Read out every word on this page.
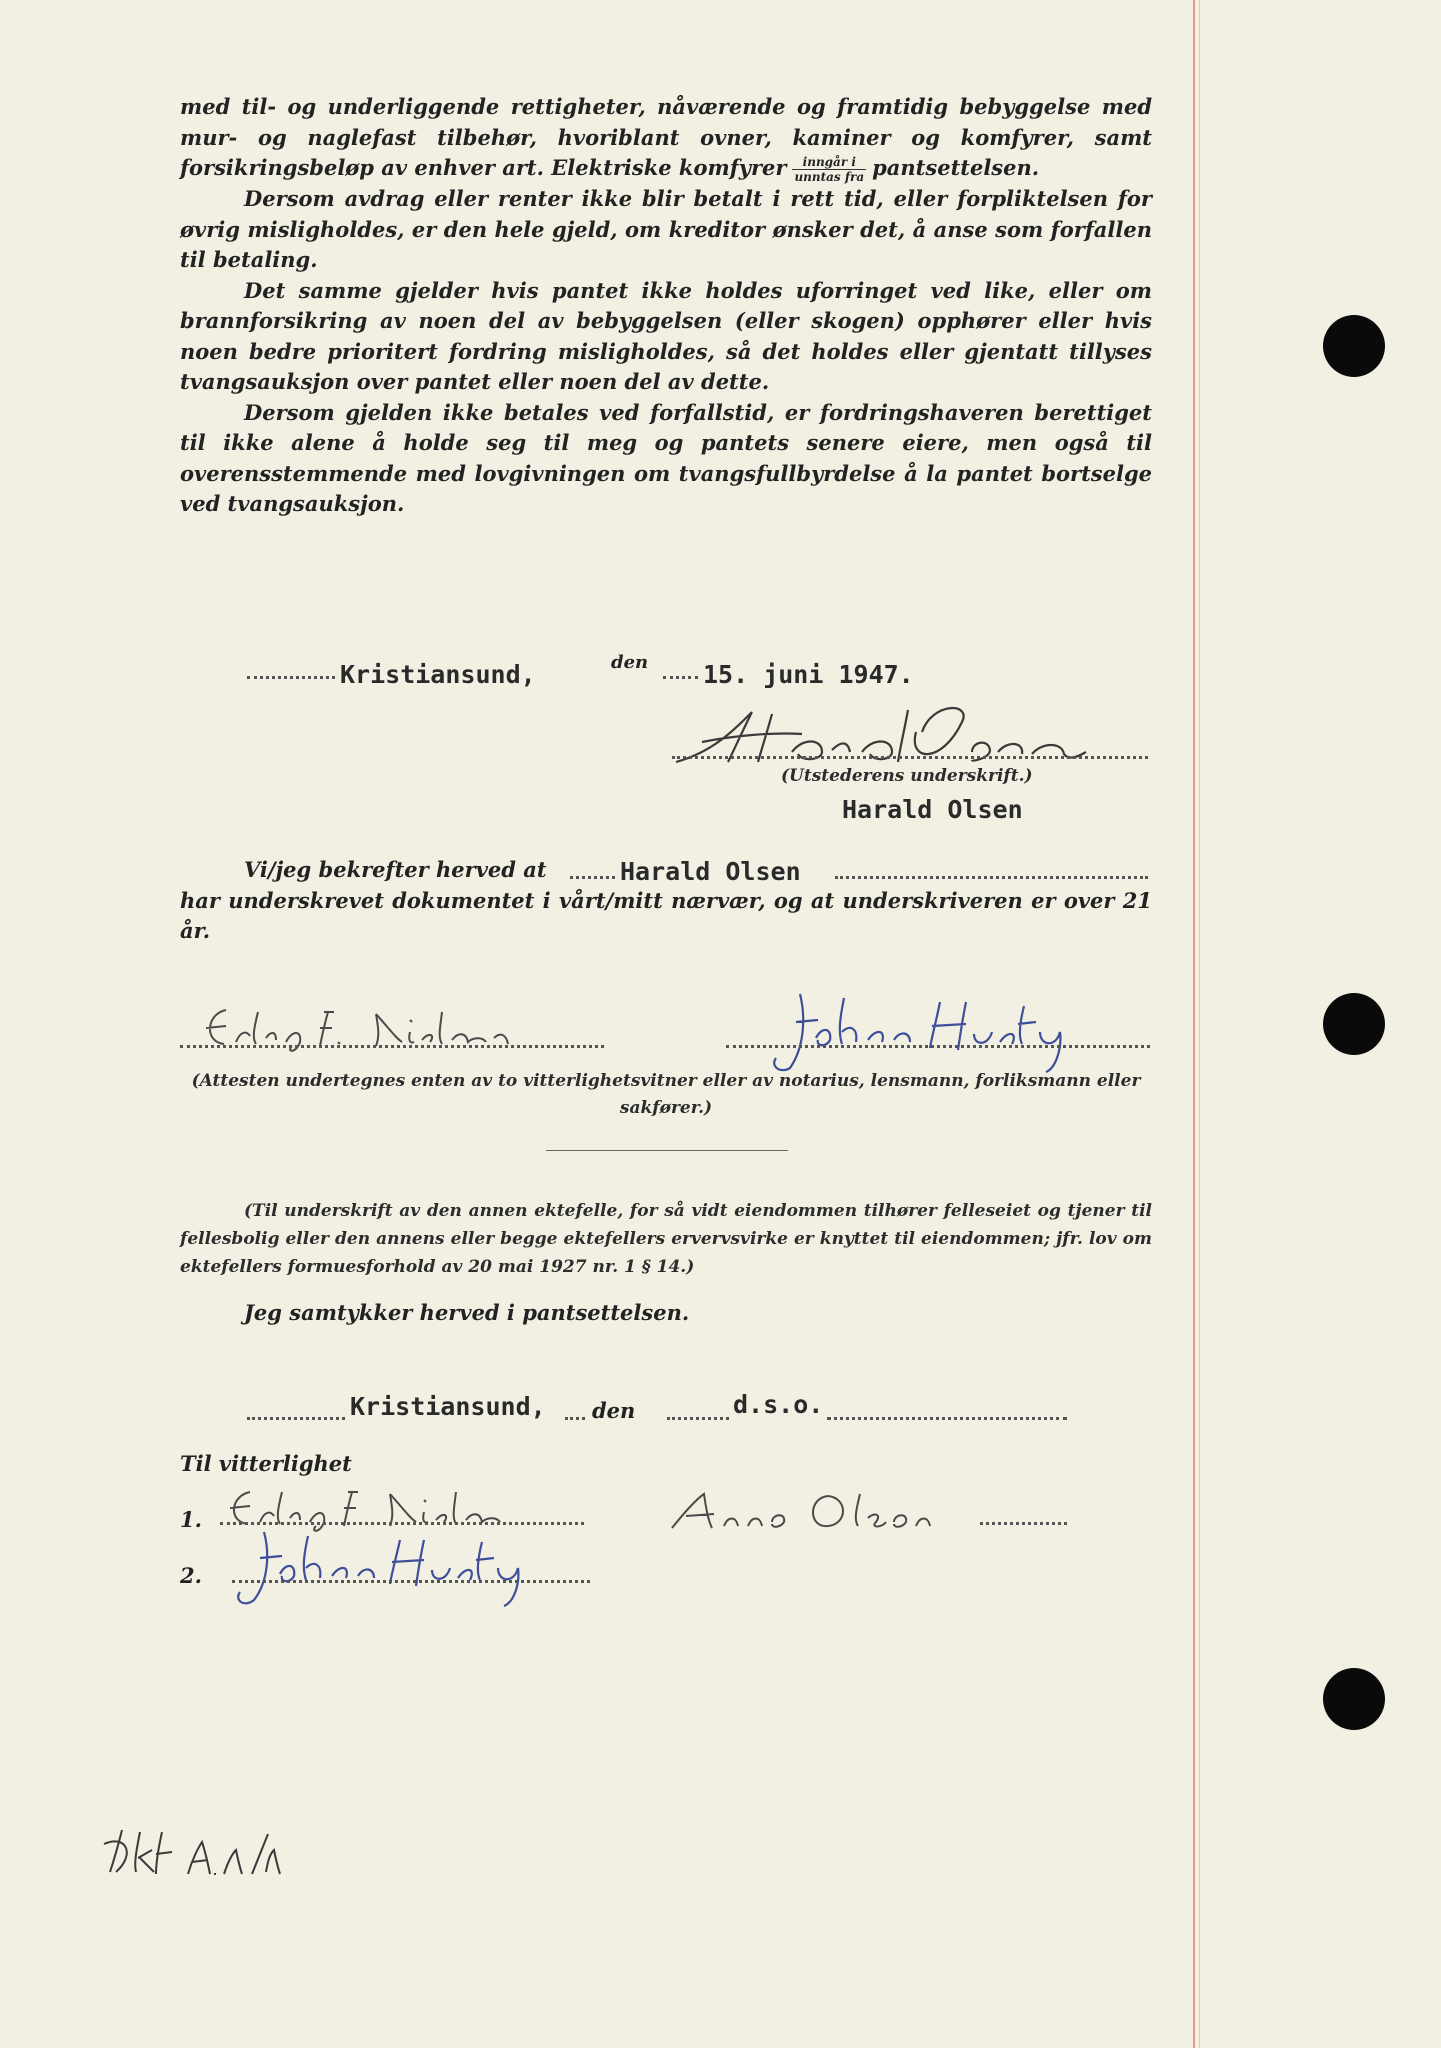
med til- og underliggende rettigheter, nåværende og framtidig bebyggelse med mur- og naglefast tilbehør, hvoriblant ovner, kaminer og komfyrer, samt forsikringsbeløp av enhver art. Elektriske komfyrer $\frac{\text{inngår i}}{\text{unntas fra}}$ pantsettelsen.

Dersom avdrag eller renter ikke blir betalt i rett tid, eller forpliktelsen for øvrig misligholdes, er den hele gjeld, om kreditor ønsker det, å anse som forfallen til betaling.

Det samme gjelder hvis pantet ikke holdes uforringet ved like, eller om brannforsikring av noen del av bebyggelsen (eller skogen) opphører eller hvis noen bedre prioritert fordring misligholdes, så det holdes eller gjentatt tillyses tvangsauksjon over pantet eller noen del av dette.

Dersom gjelden ikke betales ved forfallstid, er fordringshaveren berettiget til ikke alene å holde seg til meg og pantets senere eiere, men også til overensstemmende med lovgivningen om tvangsfullbyrdelse å la pantet bortselge ved tvangsauksjon.

Kristiansund,	den 15. juni 1947.
(Utstederens underskrift.)
Harald Olsen
Vi/jeg bekrefter herved at	Harald Olsen
har underskrevet dokumentet i vårt/mitt nærvær, og at underskriveren er over 21 år.
(Attesten undertegnes enten av to vitterlighetsvitner eller av notarius, lensmann, forliksmann eller sakfører.)
(Til underskrift av den annen ektefelle, for så vidt eiendommen tilhører felleseiet og tjener til fellesbolig eller den annens eller begge ektefellers ervervsvirke er knyttet til eiendommen; jfr. lov om ektefellers formuesforhold av 20 mai 1927 nr. 1 § 14.)
Jeg samtykker herved i pantsettelsen.
Kristiansund, den	d.s.o.
Til vitterlighet
1.
2.
